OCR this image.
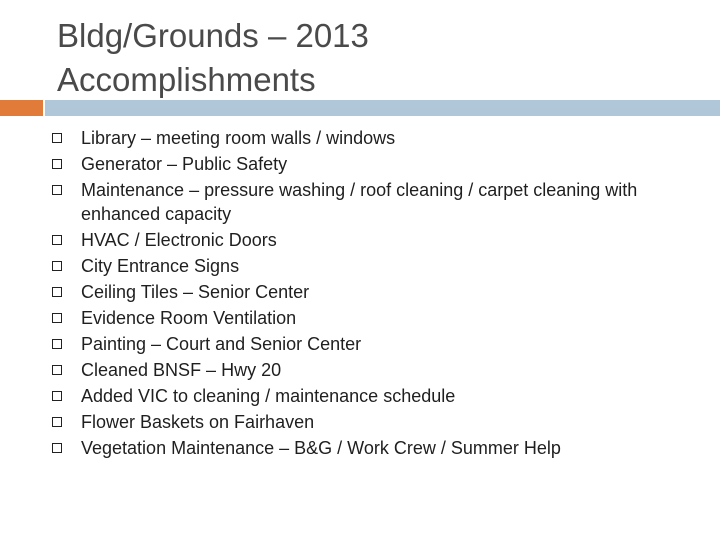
Bldg/Grounds – 2013
Accomplishments
Library – meeting room walls / windows
Generator – Public Safety
Maintenance – pressure washing / roof cleaning / carpet cleaning with enhanced capacity
HVAC / Electronic Doors
City Entrance Signs
Ceiling Tiles – Senior Center
Evidence Room Ventilation
Painting – Court and Senior Center
Cleaned BNSF – Hwy 20
Added VIC to cleaning / maintenance schedule
Flower Baskets on Fairhaven
Vegetation Maintenance – B&G / Work Crew / Summer Help
